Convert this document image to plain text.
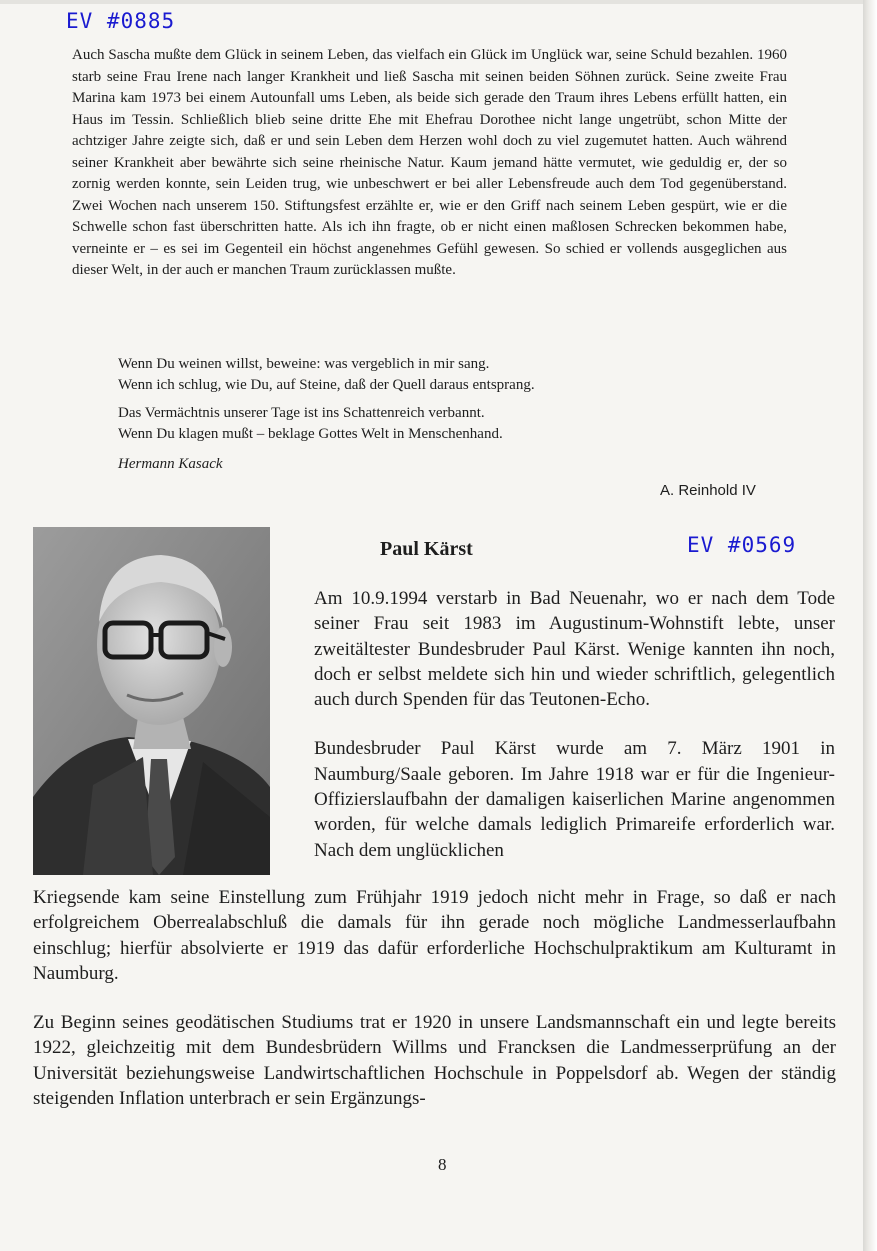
EV #0885

Auch Sascha mußte dem Glück in seinem Leben, das vielfach ein Glück im Unglück war, seine Schuld bezahlen. 1960 starb seine Frau Irene nach langer Krankheit und ließ Sascha mit seinen beiden Söhnen zurück. Seine zweite Frau Marina kam 1973 bei einem Autounfall ums Leben, als beide sich gerade den Traum ihres Lebens erfüllt hatten, ein Haus im Tessin. Schließlich blieb seine dritte Ehe mit Ehefrau Dorothee nicht lange ungetrübt, schon Mitte der achtziger Jahre zeigte sich, daß er und sein Leben dem Herzen wohl doch zu viel zugemutet hatten. Auch während seiner Krankheit aber bewährte sich seine rheinische Natur. Kaum jemand hätte vermutet, wie geduldig er, der so zornig werden konnte, sein Leiden trug, wie unbeschwert er bei aller Lebensfreude auch dem Tod gegenüberstand. Zwei Wochen nach unserem 150. Stiftungsfest erzählte er, wie er den Griff nach seinem Leben gespürt, wie er die Schwelle schon fast überschritten hatte. Als ich ihn fragte, ob er nicht einen maßlosen Schrecken bekommen habe, verneinte er – es sei im Gegenteil ein höchst angenehmes Gefühl gewesen. So schied er vollends ausgeglichen aus dieser Welt, in der auch er manchen Traum zurücklassen mußte.

Wenn Du weinen willst, beweine: was vergeblich in mir sang.
Wenn ich schlug, wie Du, auf Steine, daß der Quell daraus entsprang.
Das Vermächtnis unserer Tage ist ins Schattenreich verbannt.
Wenn Du klagen mußt – beklage Gottes Welt in Menschenhand.
Hermann Kasack
A. Reinhold IV
Paul Kärst	EV #0569

Am 10.9.1994 verstarb in Bad Neuenahr, wo er nach dem Tode seiner Frau seit 1983 im Augustinum-Wohnstift lebte, unser zweitältester Bundesbruder Paul Kärst. Wenige kannten ihn noch, doch er selbst meldete sich hin und wieder schriftlich, gelegentlich auch durch Spenden für das Teutonen-Echo.

Bundesbruder Paul Kärst wurde am 7. März 1901 in Naumburg/Saale geboren. Im Jahre 1918 war er für die Ingenieur-Offizierslaufbahn der damaligen kaiserlichen Marine angenommen worden, für welche damals lediglich Primareife erforderlich war. Nach dem unglücklichen

Kriegsende kam seine Einstellung zum Frühjahr 1919 jedoch nicht mehr in Frage, so daß er nach erfolgreichem Oberrealabschluß die damals für ihn gerade noch mögliche Landmesserlaufbahn einschlug; hierfür absolvierte er 1919 das dafür erforderliche Hochschulpraktikum am Kulturamt in Naumburg.

Zu Beginn seines geodätischen Studiums trat er 1920 in unsere Landsmannschaft ein und legte bereits 1922, gleichzeitig mit dem Bundesbrüdern Willms und Francksen die Landmesserprüfung an der Universität beziehungsweise Landwirtschaftlichen Hochschule in Poppelsdorf ab. Wegen der ständig steigenden Inflation unterbrach er sein Ergänzungs-

8
